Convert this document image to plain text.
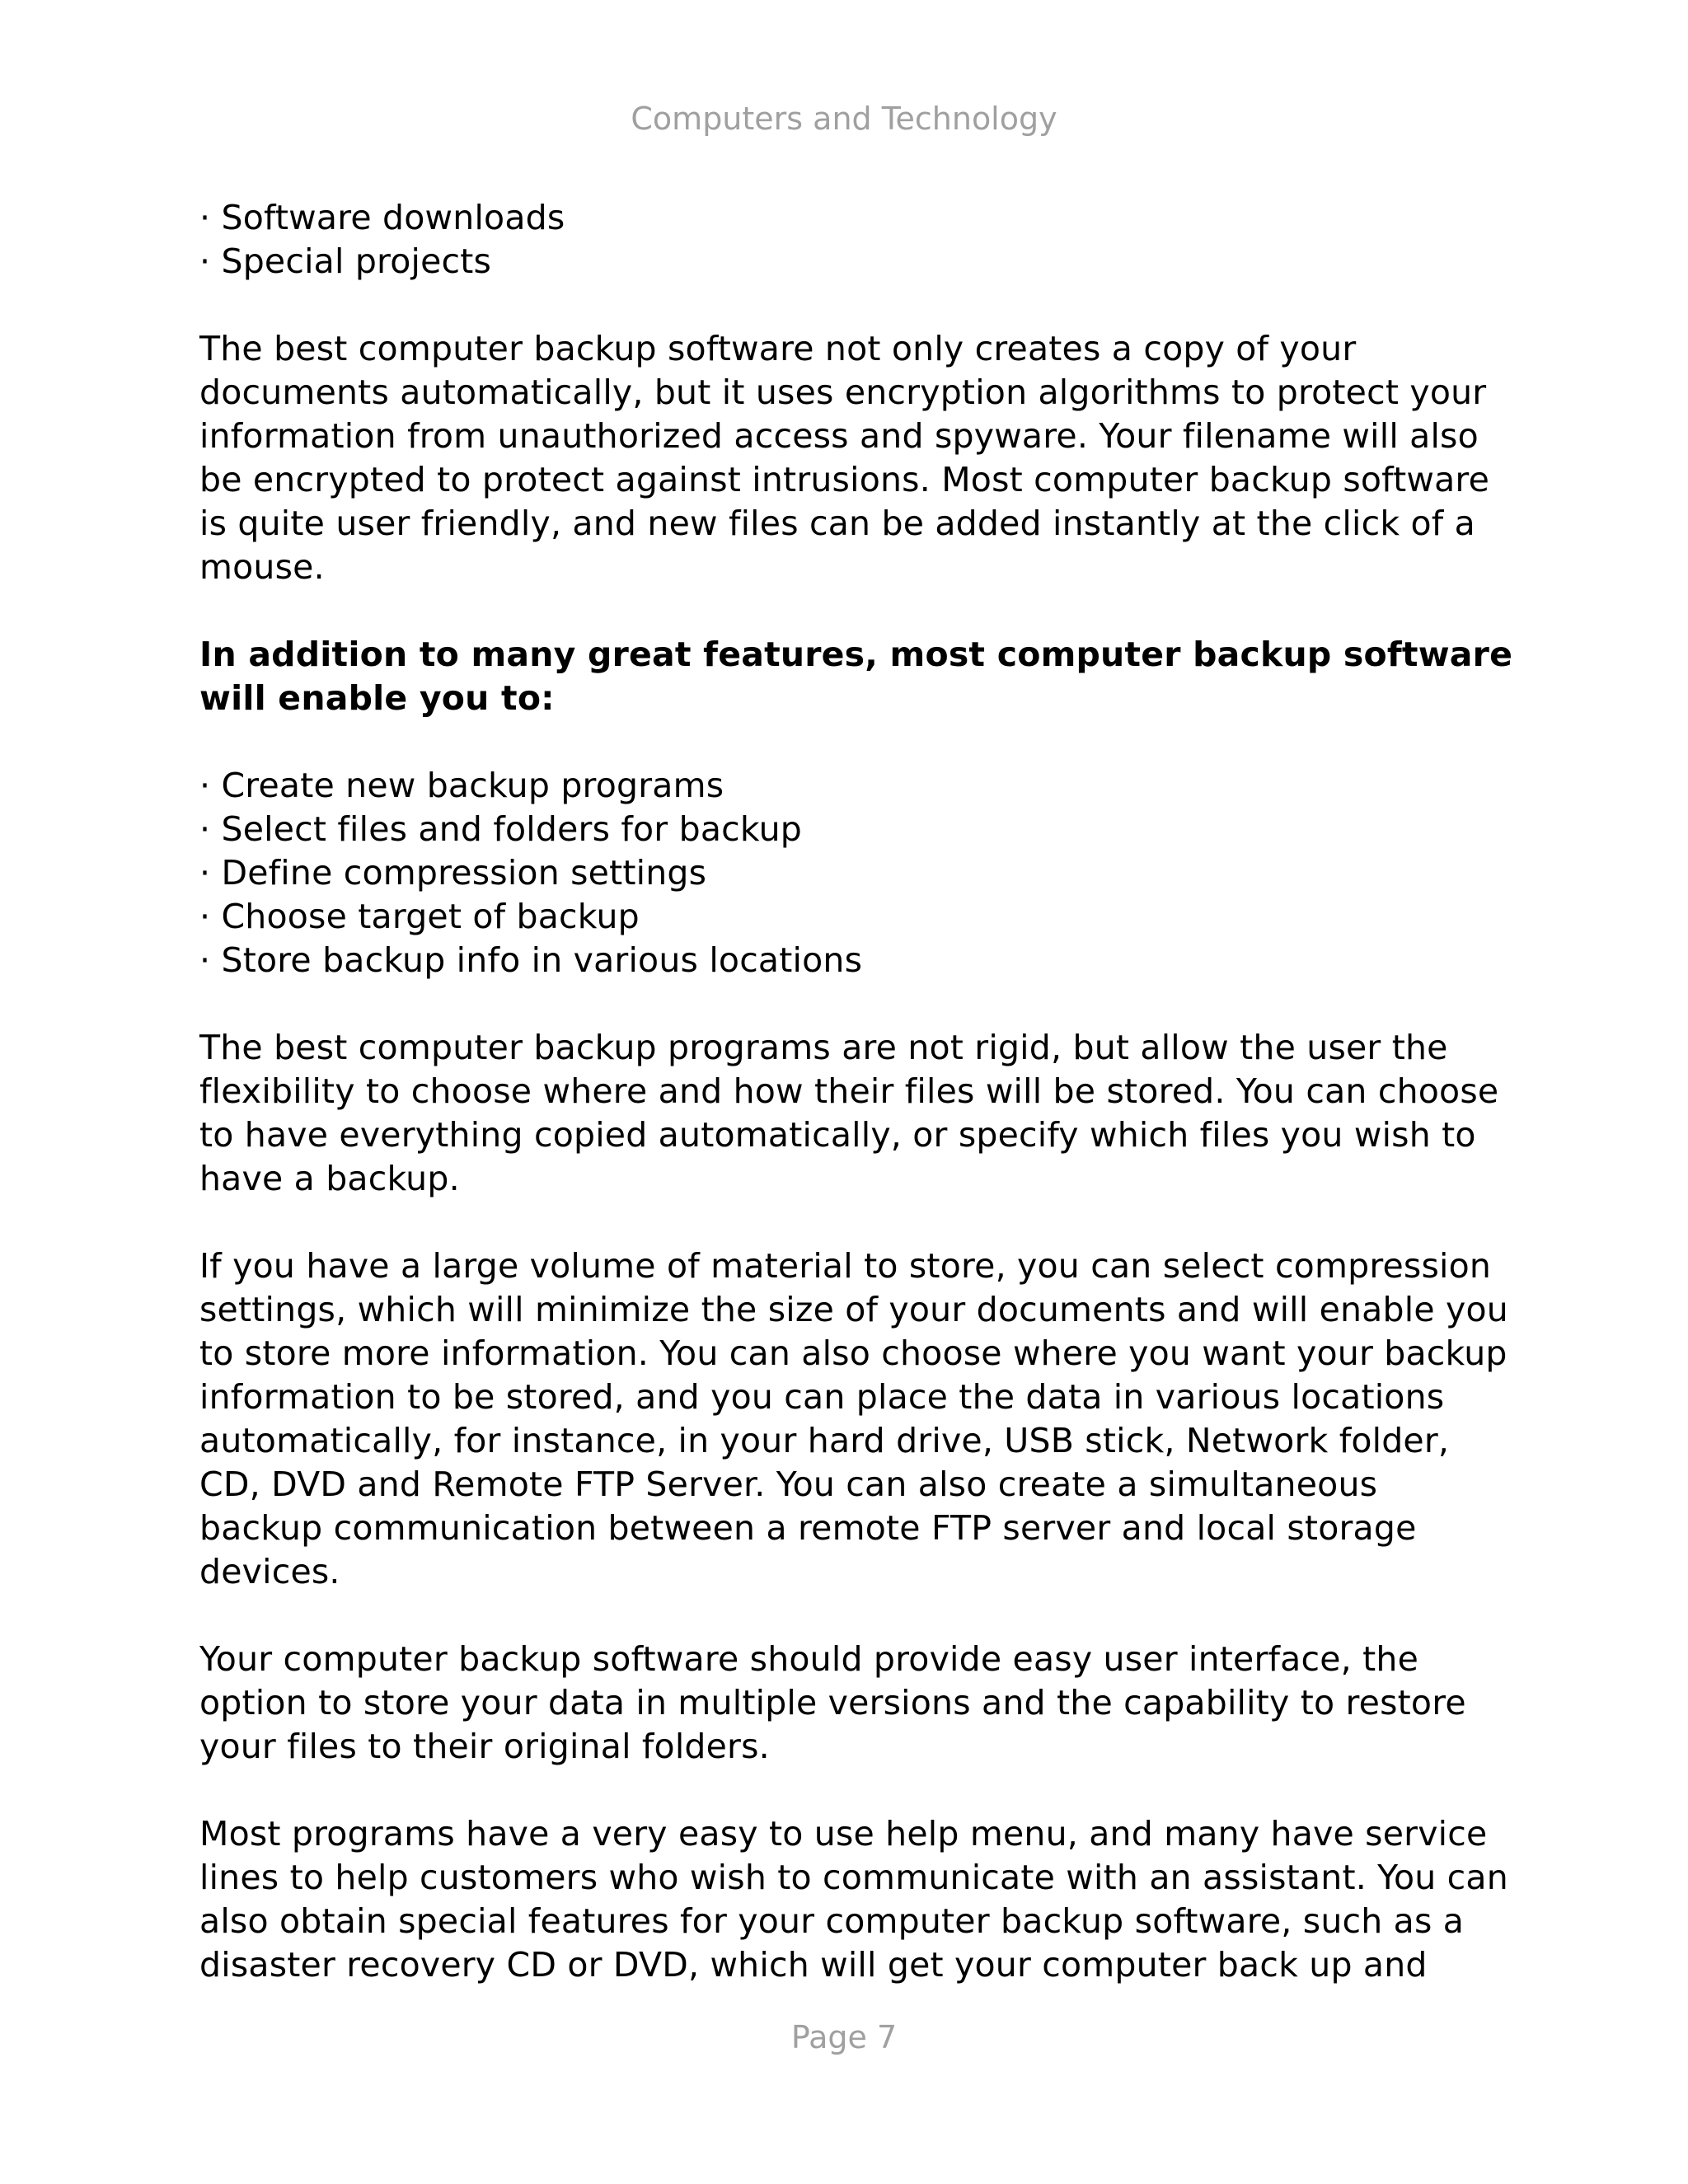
Computers and Technology
· Software downloads
· Special projects
The best computer backup software not only creates a copy of your
documents automatically, but it uses encryption algorithms to protect your
information from unauthorized access and spyware. Your filename will also
be encrypted to protect against intrusions. Most computer backup software
is quite user friendly, and new files can be added instantly at the click of a
mouse.
In addition to many great features, most computer backup software
will enable you to:
· Create new backup programs
· Select files and folders for backup
· Define compression settings
· Choose target of backup
· Store backup info in various locations
The best computer backup programs are not rigid, but allow the user the
flexibility to choose where and how their files will be stored. You can choose
to have everything copied automatically, or specify which files you wish to
have a backup.
If you have a large volume of material to store, you can select compression
settings, which will minimize the size of your documents and will enable you
to store more information. You can also choose where you want your backup
information to be stored, and you can place the data in various locations
automatically, for instance, in your hard drive, USB stick, Network folder,
CD, DVD and Remote FTP Server. You can also create a simultaneous
backup communication between a remote FTP server and local storage
devices.
Your computer backup software should provide easy user interface, the
option to store your data in multiple versions and the capability to restore
your files to their original folders.
Most programs have a very easy to use help menu, and many have service
lines to help customers who wish to communicate with an assistant. You can
also obtain special features for your computer backup software, such as a
disaster recovery CD or DVD, which will get your computer back up and
Page 7
